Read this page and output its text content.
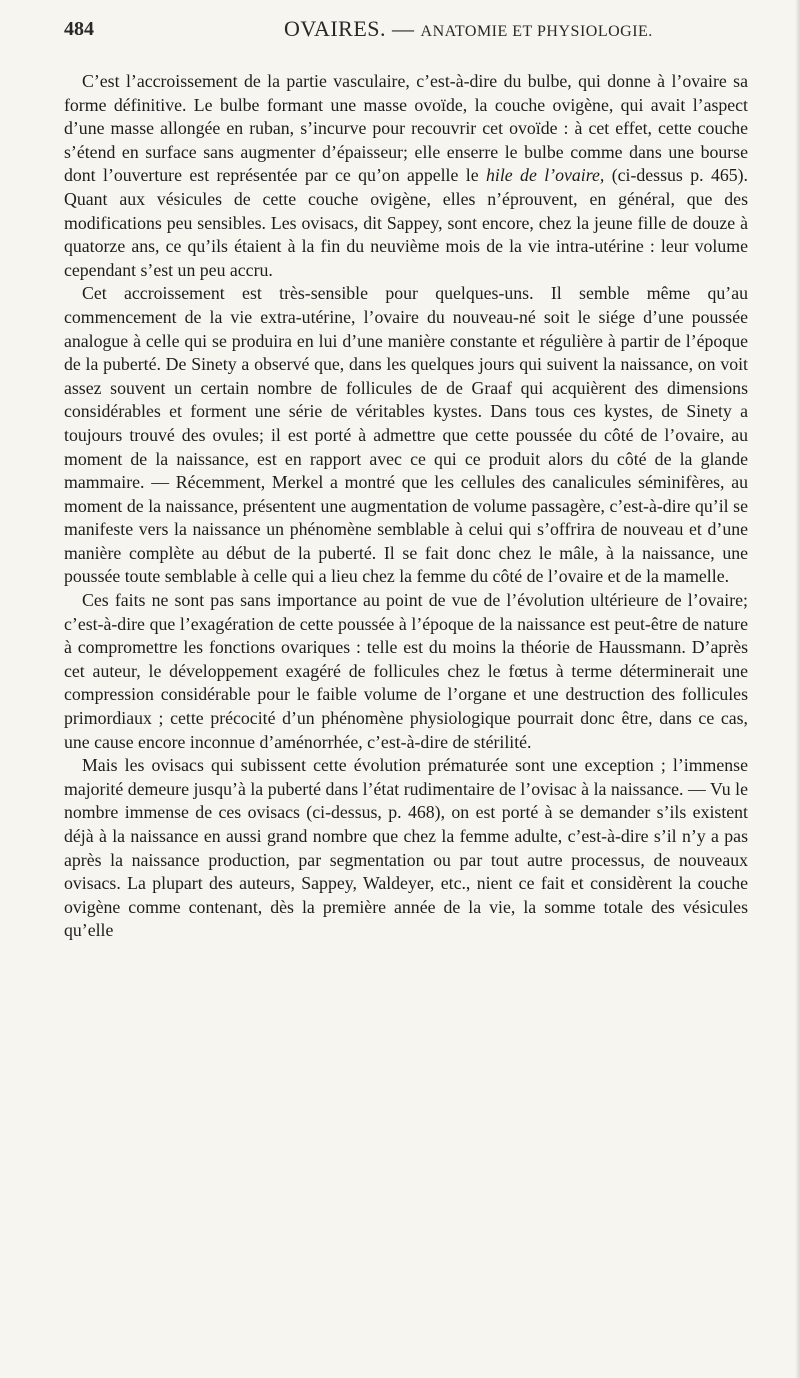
484	OVAIRES. — ANATOMIE ET PHYSIOLOGIE.

C’est l’accroissement de la partie vasculaire, c’est-à-dire du bulbe, qui donne à l’ovaire sa forme définitive. Le bulbe formant une masse ovoïde, la couche ovigène, qui avait l’aspect d’une masse allongée en ruban, s’incurve pour recouvrir cet ovoïde : à cet effet, cette couche s’étend en surface sans augmenter d’épaisseur; elle enserre le bulbe comme dans une bourse dont l’ouverture est représentée par ce qu’on appelle le hile de l’ovaire, (ci-dessus p. 465). Quant aux vésicules de cette couche ovigène, elles n’éprouvent, en général, que des modifications peu sensibles. Les ovisacs, dit Sappey, sont encore, chez la jeune fille de douze à quatorze ans, ce qu’ils étaient à la fin du neuvième mois de la vie intra-utérine : leur volume cependant s’est un peu accru.

Cet accroissement est très-sensible pour quelques-uns. Il semble même qu’au commencement de la vie extra-utérine, l’ovaire du nouveau-né soit le siége d’une poussée analogue à celle qui se produira en lui d’une manière constante et régulière à partir de l’époque de la puberté. De Sinety a observé que, dans les quelques jours qui suivent la naissance, on voit assez souvent un certain nombre de follicules de de Graaf qui acquièrent des dimensions considérables et forment une série de véritables kystes. Dans tous ces kystes, de Sinety a toujours trouvé des ovules; il est porté à admettre que cette poussée du côté de l’ovaire, au moment de la naissance, est en rapport avec ce qui ce produit alors du côté de la glande mammaire. — Récemment, Merkel a montré que les cellules des canalicules séminifères, au moment de la naissance, présentent une augmentation de volume passagère, c’est-à-dire qu’il se manifeste vers la naissance un phénomène semblable à celui qui s’offrira de nouveau et d’une manière complète au début de la puberté. Il se fait donc chez le mâle, à la naissance, une poussée toute semblable à celle qui a lieu chez la femme du côté de l’ovaire et de la mamelle.

Ces faits ne sont pas sans importance au point de vue de l’évolution ultérieure de l’ovaire; c’est-à-dire que l’exagération de cette poussée à l’époque de la naissance est peut-être de nature à compromettre les fonctions ovariques : telle est du moins la théorie de Haussmann. D’après cet auteur, le développement exagéré de follicules chez le fœtus à terme déterminerait une compression considérable pour le faible volume de l’organe et une destruction des follicules primordiaux ; cette précocité d’un phénomène physiologique pourrait donc être, dans ce cas, une cause encore inconnue d’aménorrhée, c’est-à-dire de stérilité.

Mais les ovisacs qui subissent cette évolution prématurée sont une exception ; l’immense majorité demeure jusqu’à la puberté dans l’état rudimentaire de l’ovisac à la naissance. — Vu le nombre immense de ces ovisacs (ci-dessus, p. 468), on est porté à se demander s’ils existent déjà à la naissance en aussi grand nombre que chez la femme adulte, c’est-à-dire s’il n’y a pas après la naissance production, par segmentation ou par tout autre processus, de nouveaux ovisacs. La plupart des auteurs, Sappey, Waldeyer, etc., nient ce fait et considèrent la couche ovigène comme contenant, dès la première année de la vie, la somme totale des vésicules qu’elle
